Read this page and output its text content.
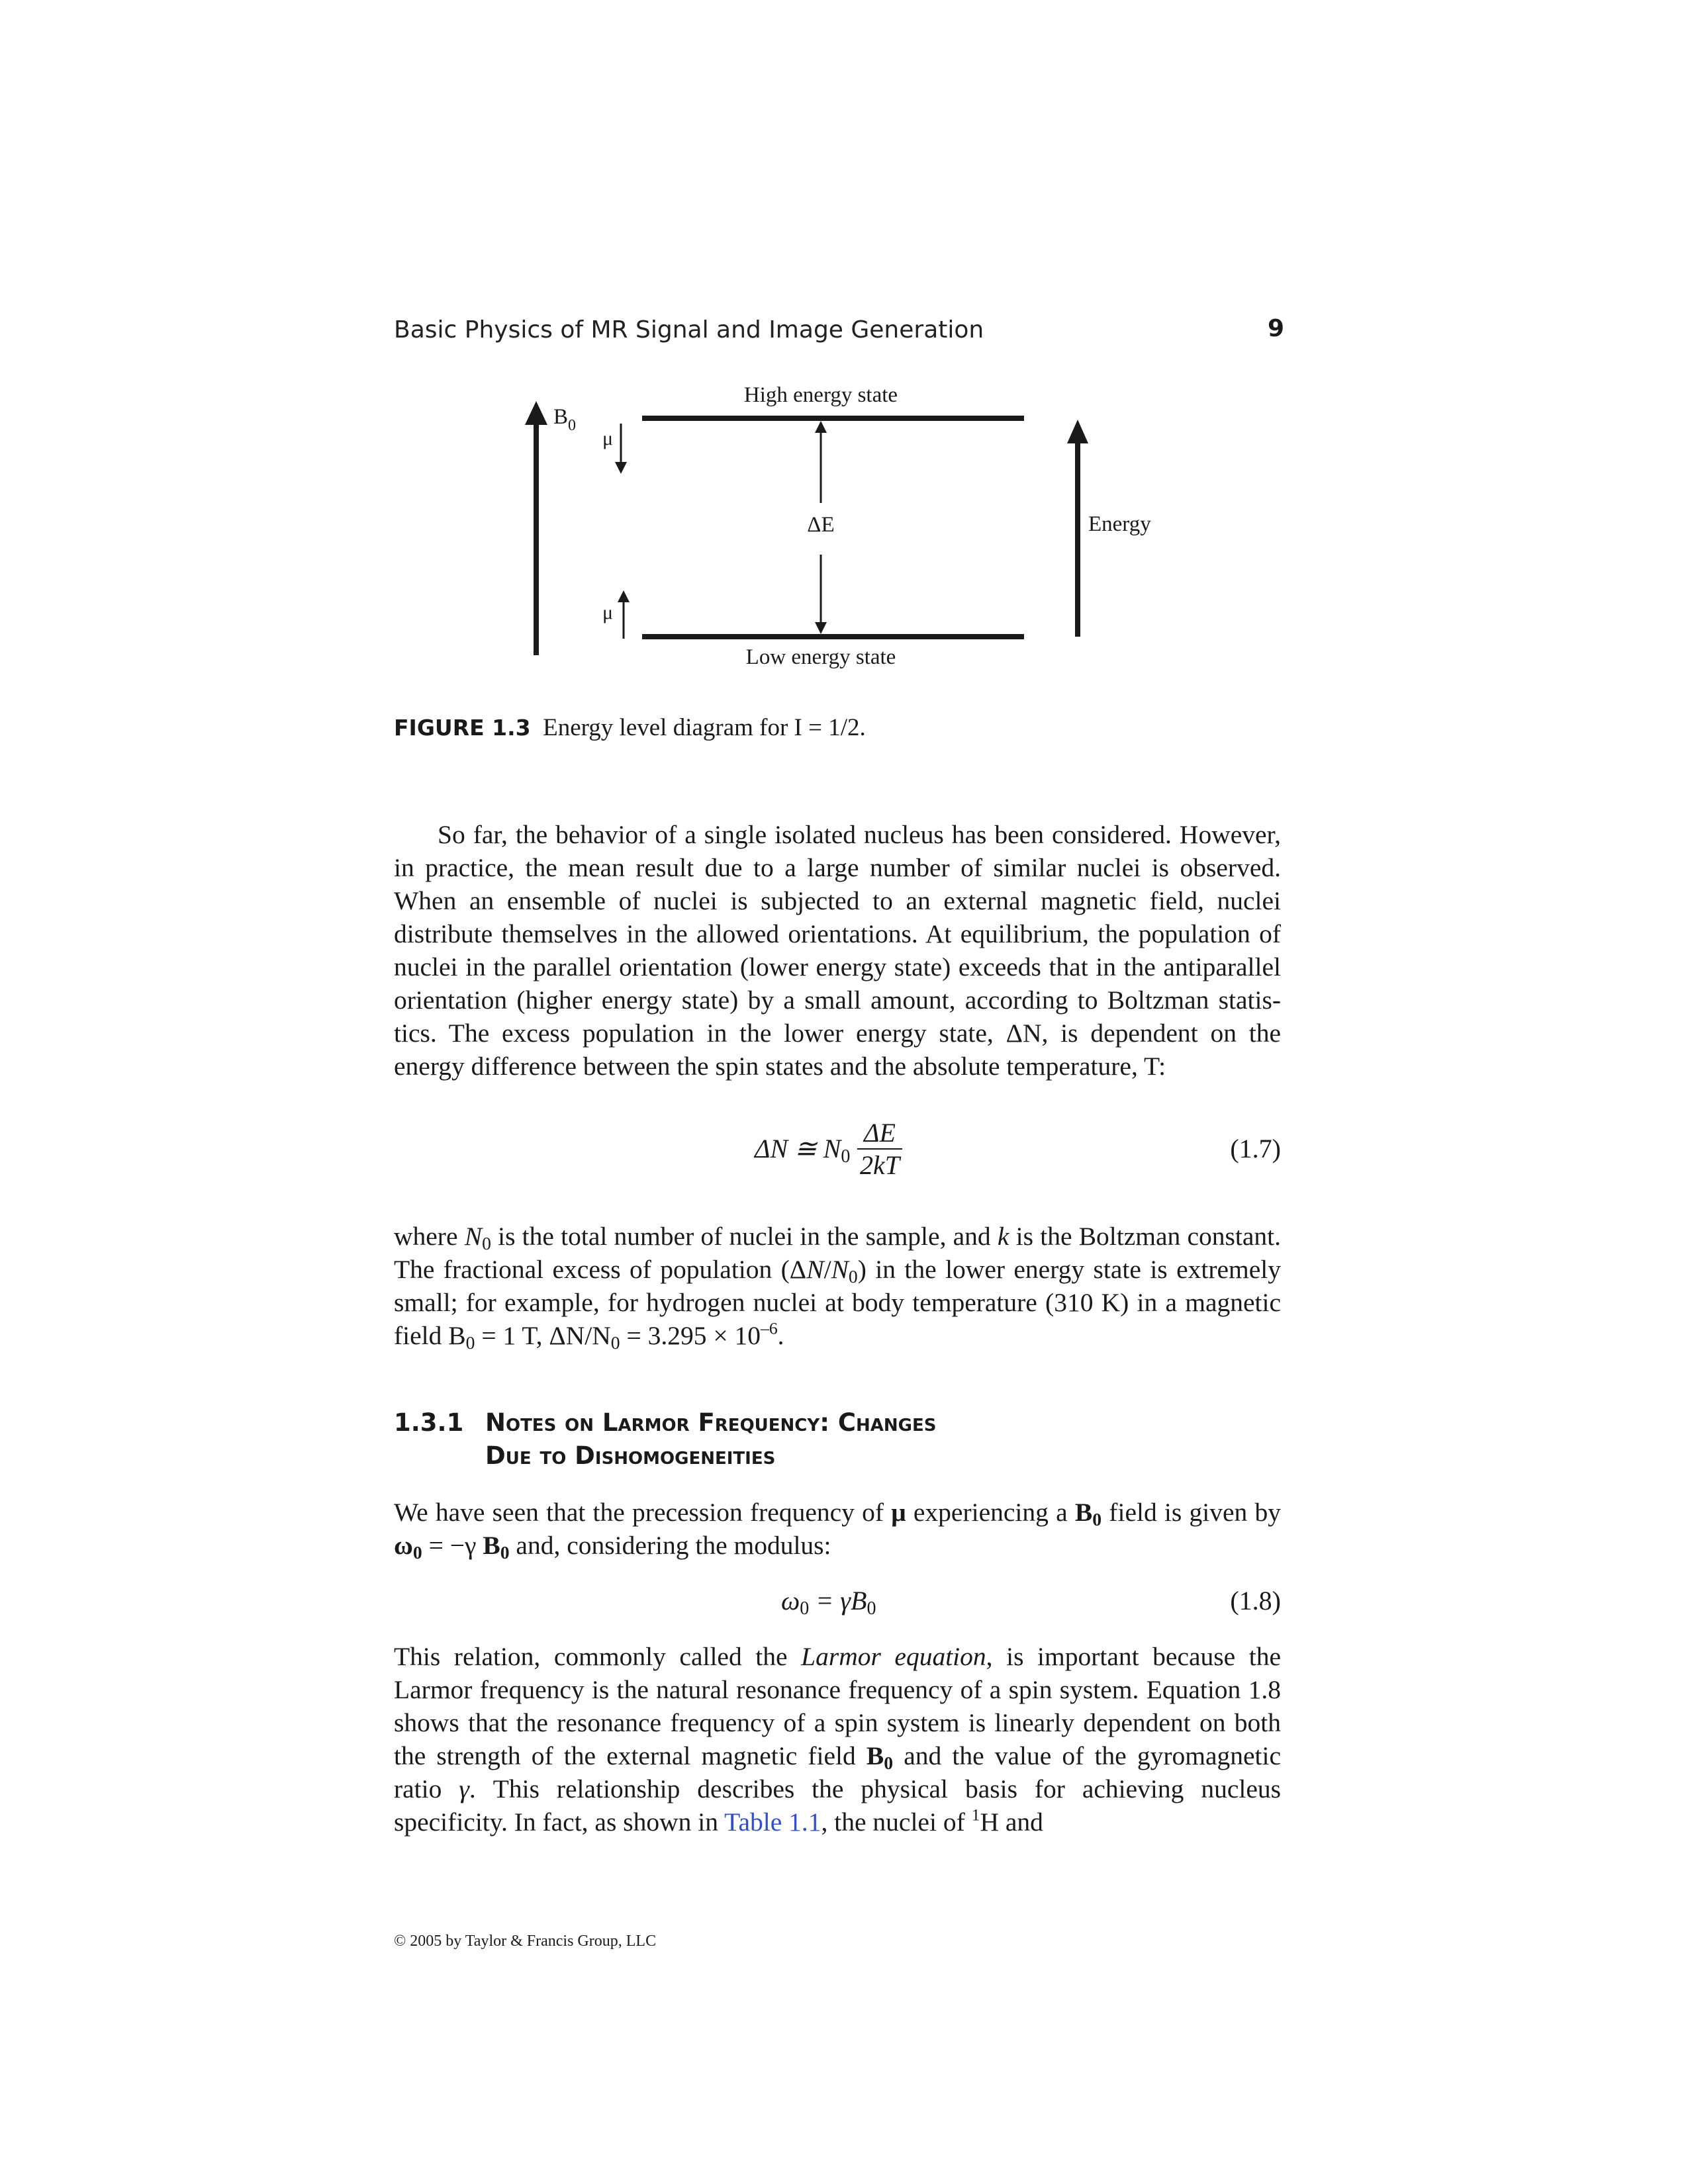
Basic Physics of MR Signal and Image Generation	9
$B_0$
μ
μ
High energy state
Low energy state
ΔE	Energy
FIGURE 1.3 Energy level diagram for I = 1/2.
So far, the behavior of a single isolated nucleus has been considered. However, in practice, the mean result due to a large number of similar nuclei is observed. When an ensemble of nuclei is subjected to an external magnetic field, nuclei distribute themselves in the allowed orientations. At equilibrium, the population of nuclei in the parallel orientation (lower energy state) exceeds that in the antiparallel orientation (higher energy state) by a small amount, according to Boltzman statis-tics. The excess population in the lower energy state, ΔN, is dependent on the energy difference between the spin states and the absolute temperature, T:
ΔN ≅ $N_0 \frac{\Delta E}{2kT}$	(1.7)
where $N_0$ is the total number of nuclei in the sample, and k is the Boltzman constant. The fractional excess of population $(\Delta N/N_0)$ in the lower energy state is extremely small; for example, for hydrogen nuclei at body temperature (310 K) in a magnetic field $B_0 = 1$ T, $\Delta N/N_0 = 3.295 \times 10^{-6}$.
1.3.1 Notes on Larmor Frequency: Changes
Due to Dishomogeneities
We have seen that the precession frequency of μ experiencing a $B_0$ field is given by $\omega_0 = -\gamma$ $B_0$ and, considering the modulus:
$\omega_0 = \gamma B_0$	(1.8)
This relation, commonly called the Larmor equation, is important because the Larmor frequency is the natural resonance frequency of a spin system. Equation 1.8 shows that the resonance frequency of a spin system is linearly dependent on both the strength of the external magnetic field $B_0$ and the value of the gyromagnetic ratio γ. This relationship describes the physical basis for achieving nucleus specificity. In fact, as shown in Table 1.1, the nuclei of $^1$H and
© 2005 by Taylor & Francis Group, LLC
